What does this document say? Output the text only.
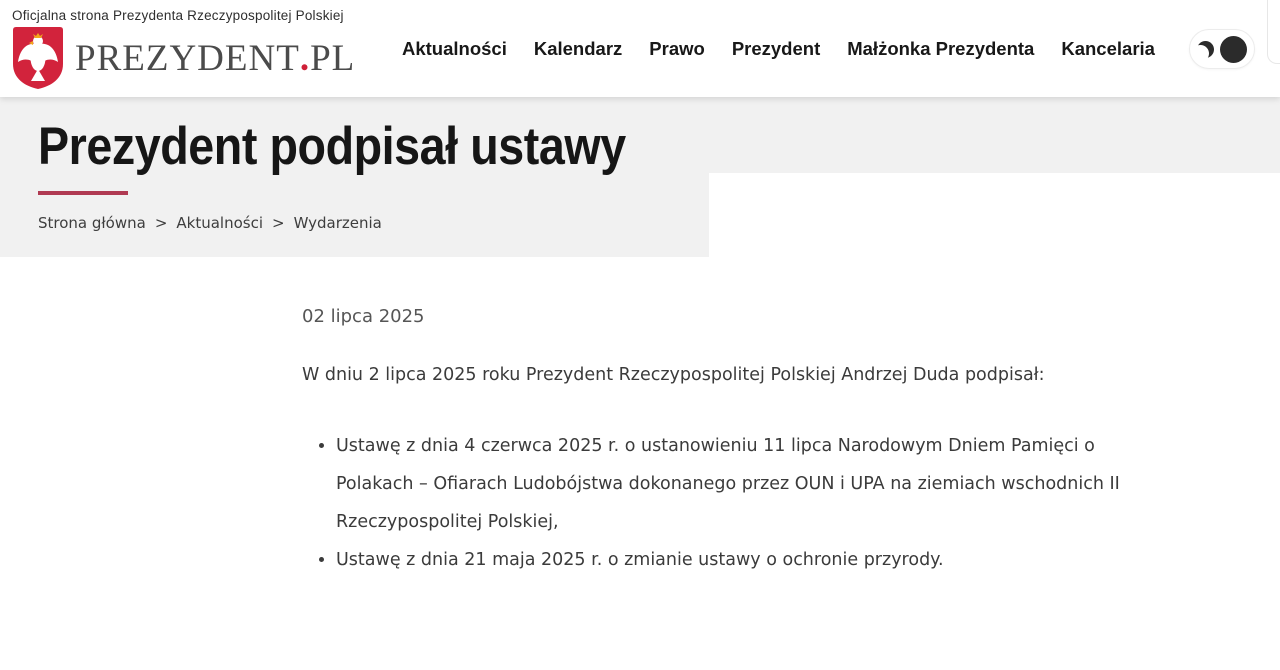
Oficjalna strona Prezydenta Rzeczypospolitej Polskiej
PREZYDENT.PL	Aktualności Kalendarz Prawo Prezydent Małżonka Prezydenta Kancelaria
Prezydent podpisał ustawy
Strona główna > Aktualności > Wydarzenia
02 lipca 2025

W dniu 2 lipca 2025 roku Prezydent Rzeczypospolitej Polskiej Andrzej Duda podpisał:

• Ustawę z dnia 4 czerwca 2025 r. o ustanowieniu 11 lipca Narodowym Dniem Pamięci o Polakach – Ofiarach Ludobójstwa dokonanego przez OUN i UPA na ziemiach wschodnich II Rzeczypospolitej Polskiej,
• Ustawę z dnia 21 maja 2025 r. o zmianie ustawy o ochronie przyrody.
